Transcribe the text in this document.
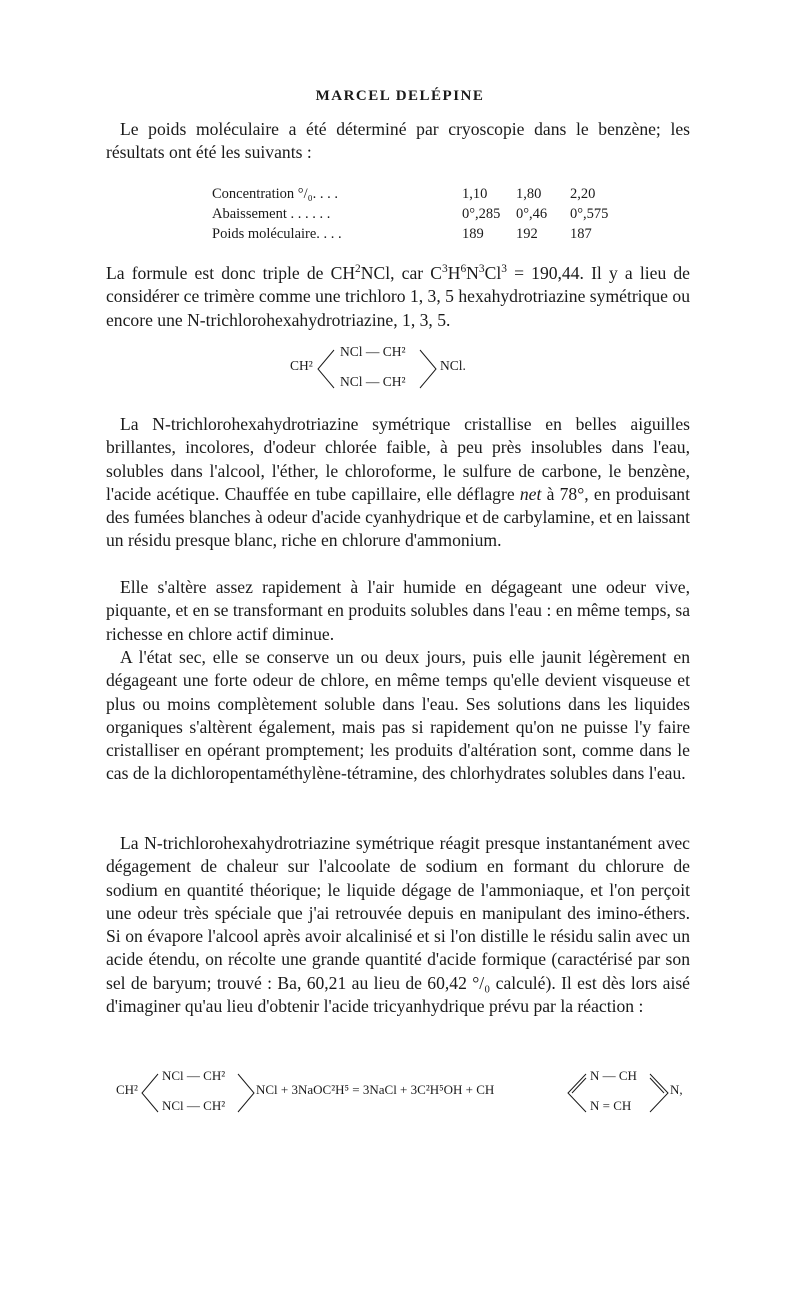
MARCEL DELÉPINE

Le poids moléculaire a été déterminé par cryoscopie dans le benzène; les résultats ont été les suivants :

Concentration °/₀. . . .	1,10	1,80	2,20
Abaissement . . . . . .	0°,285	0°,46	0°,575
Poids moléculaire. . . .	189	192	187

La formule est donc triple de $CH^2NCl$, car $C^3H^6N^3Cl^3 = 190,44$. Il y a lieu de considérer ce trimère comme une trichloro 1, 3, 5 hexahydrotriazine symétrique ou encore une N-trichlorohexahydrotriazine, 1, 3, 5.

CH²
NCl — CH²
NCl — CH²
NCl.

La N-trichlorohexahydrotriazine symétrique cristallise en belles aiguilles brillantes, incolores, d'odeur chlorée faible, à peu près insolubles dans l'eau, solubles dans l'alcool, l'éther, le chloroforme, le sulfure de carbone, le benzène, l'acide acétique. Chauffée en tube capillaire, elle déflagre net à 78°, en produisant des fumées blanches à odeur d'acide cyanhydrique et de carbylamine, et en laissant un résidu presque blanc, riche en chlorure d'ammonium.

Elle s'altère assez rapidement à l'air humide en dégageant une odeur vive, piquante, et en se transformant en produits solubles dans l'eau : en même temps, sa richesse en chlore actif diminue.

A l'état sec, elle se conserve un ou deux jours, puis elle jaunit légèrement en dégageant une forte odeur de chlore, en même temps qu'elle devient visqueuse et plus ou moins complètement soluble dans l'eau. Ses solutions dans les liquides organiques s'altèrent également, mais pas si rapidement qu'on ne puisse l'y faire cristalliser en opérant promptement; les produits d'altération sont, comme dans le cas de la dichloropentaméthylène-tétramine, des chlorhydrates solubles dans l'eau.

La N-trichlorohexahydrotriazine symétrique réagit presque instantanément avec dégagement de chaleur sur l'alcoolate de sodium en formant du chlorure de sodium en quantité théorique; le liquide dégage de l'ammoniaque, et l'on perçoit une odeur très spéciale que j'ai retrouvée depuis en manipulant des imino-éthers. Si on évapore l'alcool après avoir alcalinisé et si l'on distille le résidu salin avec un acide étendu, on récolte une grande quantité d'acide formique (caractérisé par son sel de baryum; trouvé : Ba, 60,21 au lieu de 60,42 °/₀ calculé). Il est dès lors aisé d'imaginer qu'au lieu d'obtenir l'acide tricyanhydrique prévu par la réaction :

CH²
NCl — CH²
NCl — CH²
NCl + 3NaOC²H⁵ = 3NaCl + 3C²H⁵OH + CH
N — CH
N = CH
N,
